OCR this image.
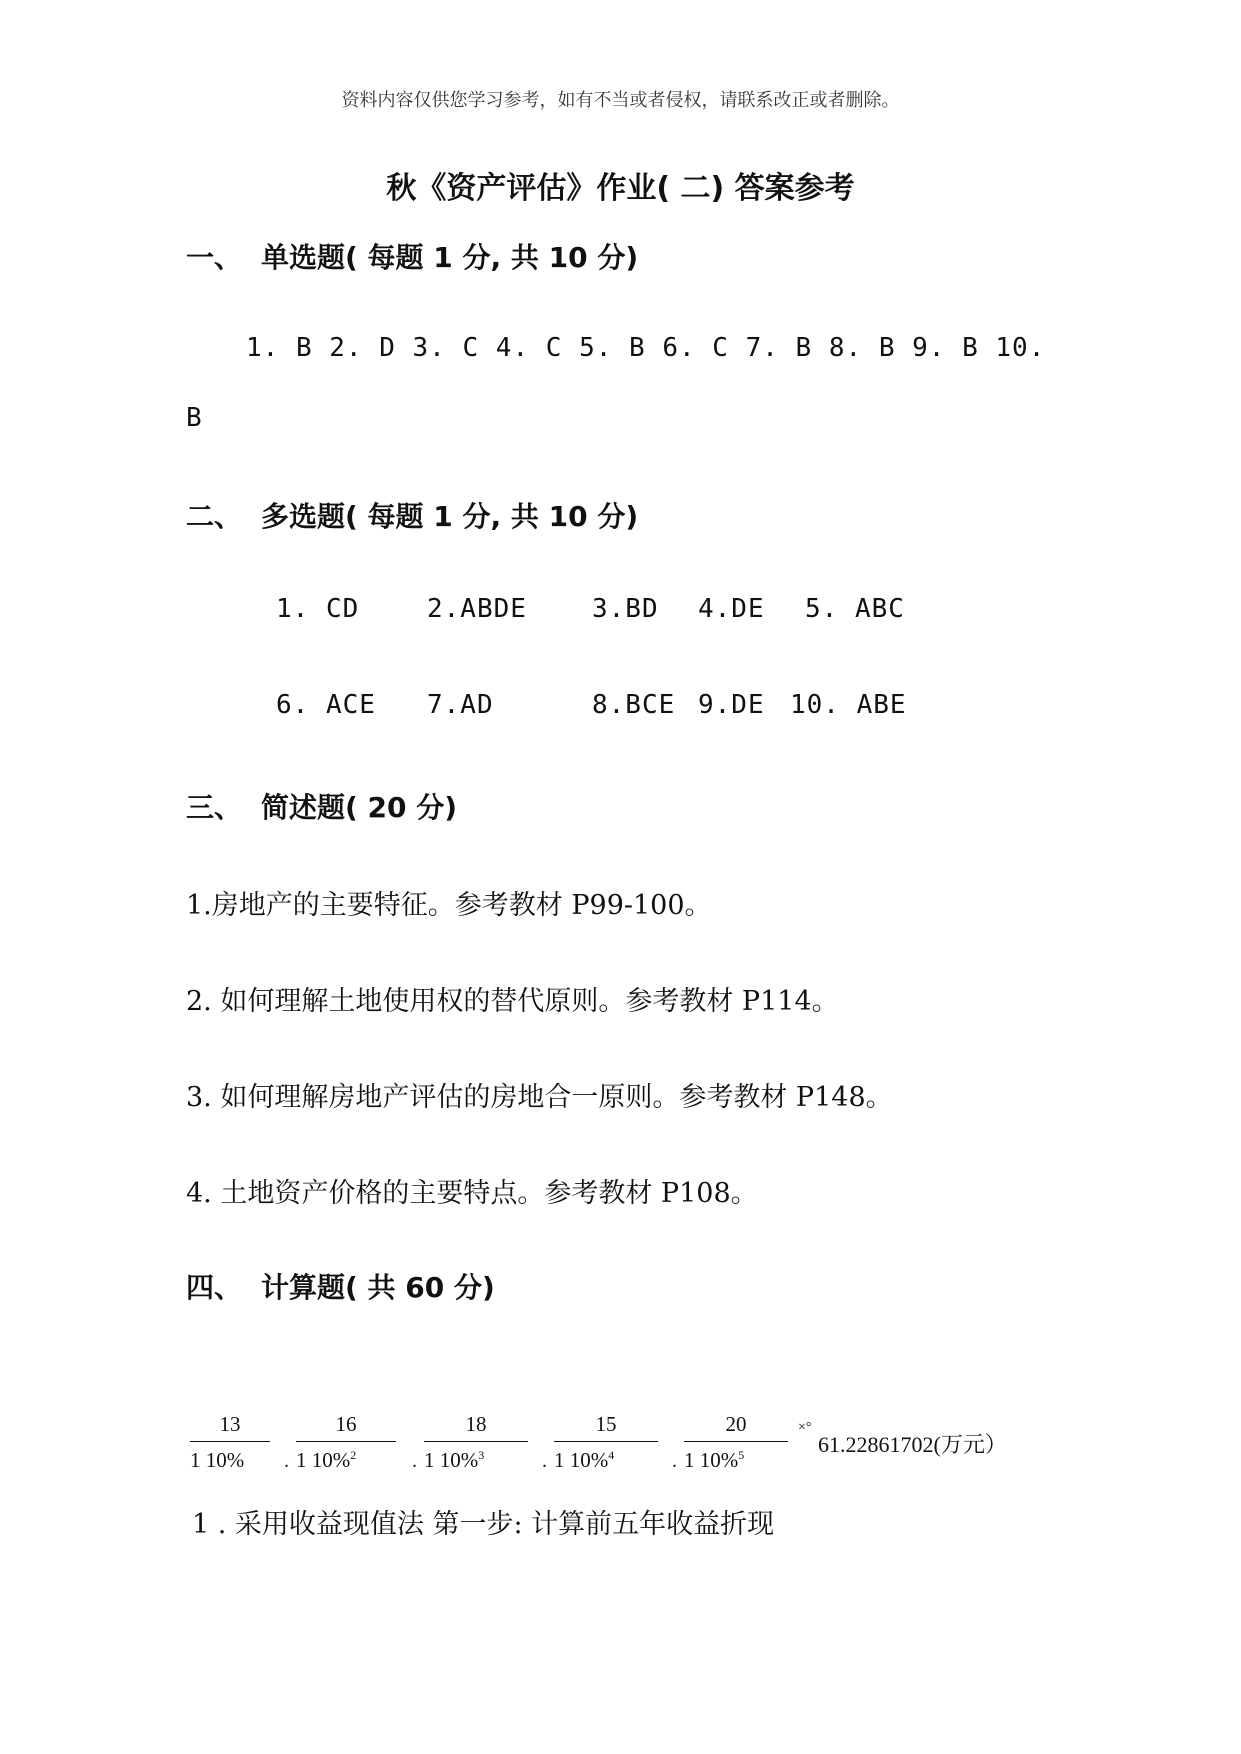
资料内容仅供您学习参考，如有不当或者侵权，请联系改正或者删除。
秋《资产评估》作业( 二) 答案参考
一、 单选题( 每题 1 分, 共 10 分)
1. B 2. D 3. C 4. C 5. B 6. C 7. B 8. B 9. B 10.
B
二、 多选题( 每题 1 分, 共 10 分)
1. CD	2.ABDE	3.BD 4.DE 5. ABC
6. ACE 7.AD	8.BCE 9.DE 10. ABE
三、 简述题( 20 分)
1.房地产的主要特征。参考教材 P99-100。
2. 如何理解土地使用权的替代原则。参考教材 P114。
3. 如何理解房地产评估的房地合一原则。参考教材 P148。
4. 土地资产价格的主要特点。参考教材 P108。
四、 计算题( 共 60 分)
$\frac{13}{1 10\%}$ . $\frac{16}{1 10\%^2}$ . $\frac{18}{1 10\%^3}$ . $\frac{15}{1 10\%^4}$ . $\frac{20}{1 10\%^5}$ ×°
61.22861702(万元）
1 . 采用收益现值法 第一步: 计算前五年收益折现
